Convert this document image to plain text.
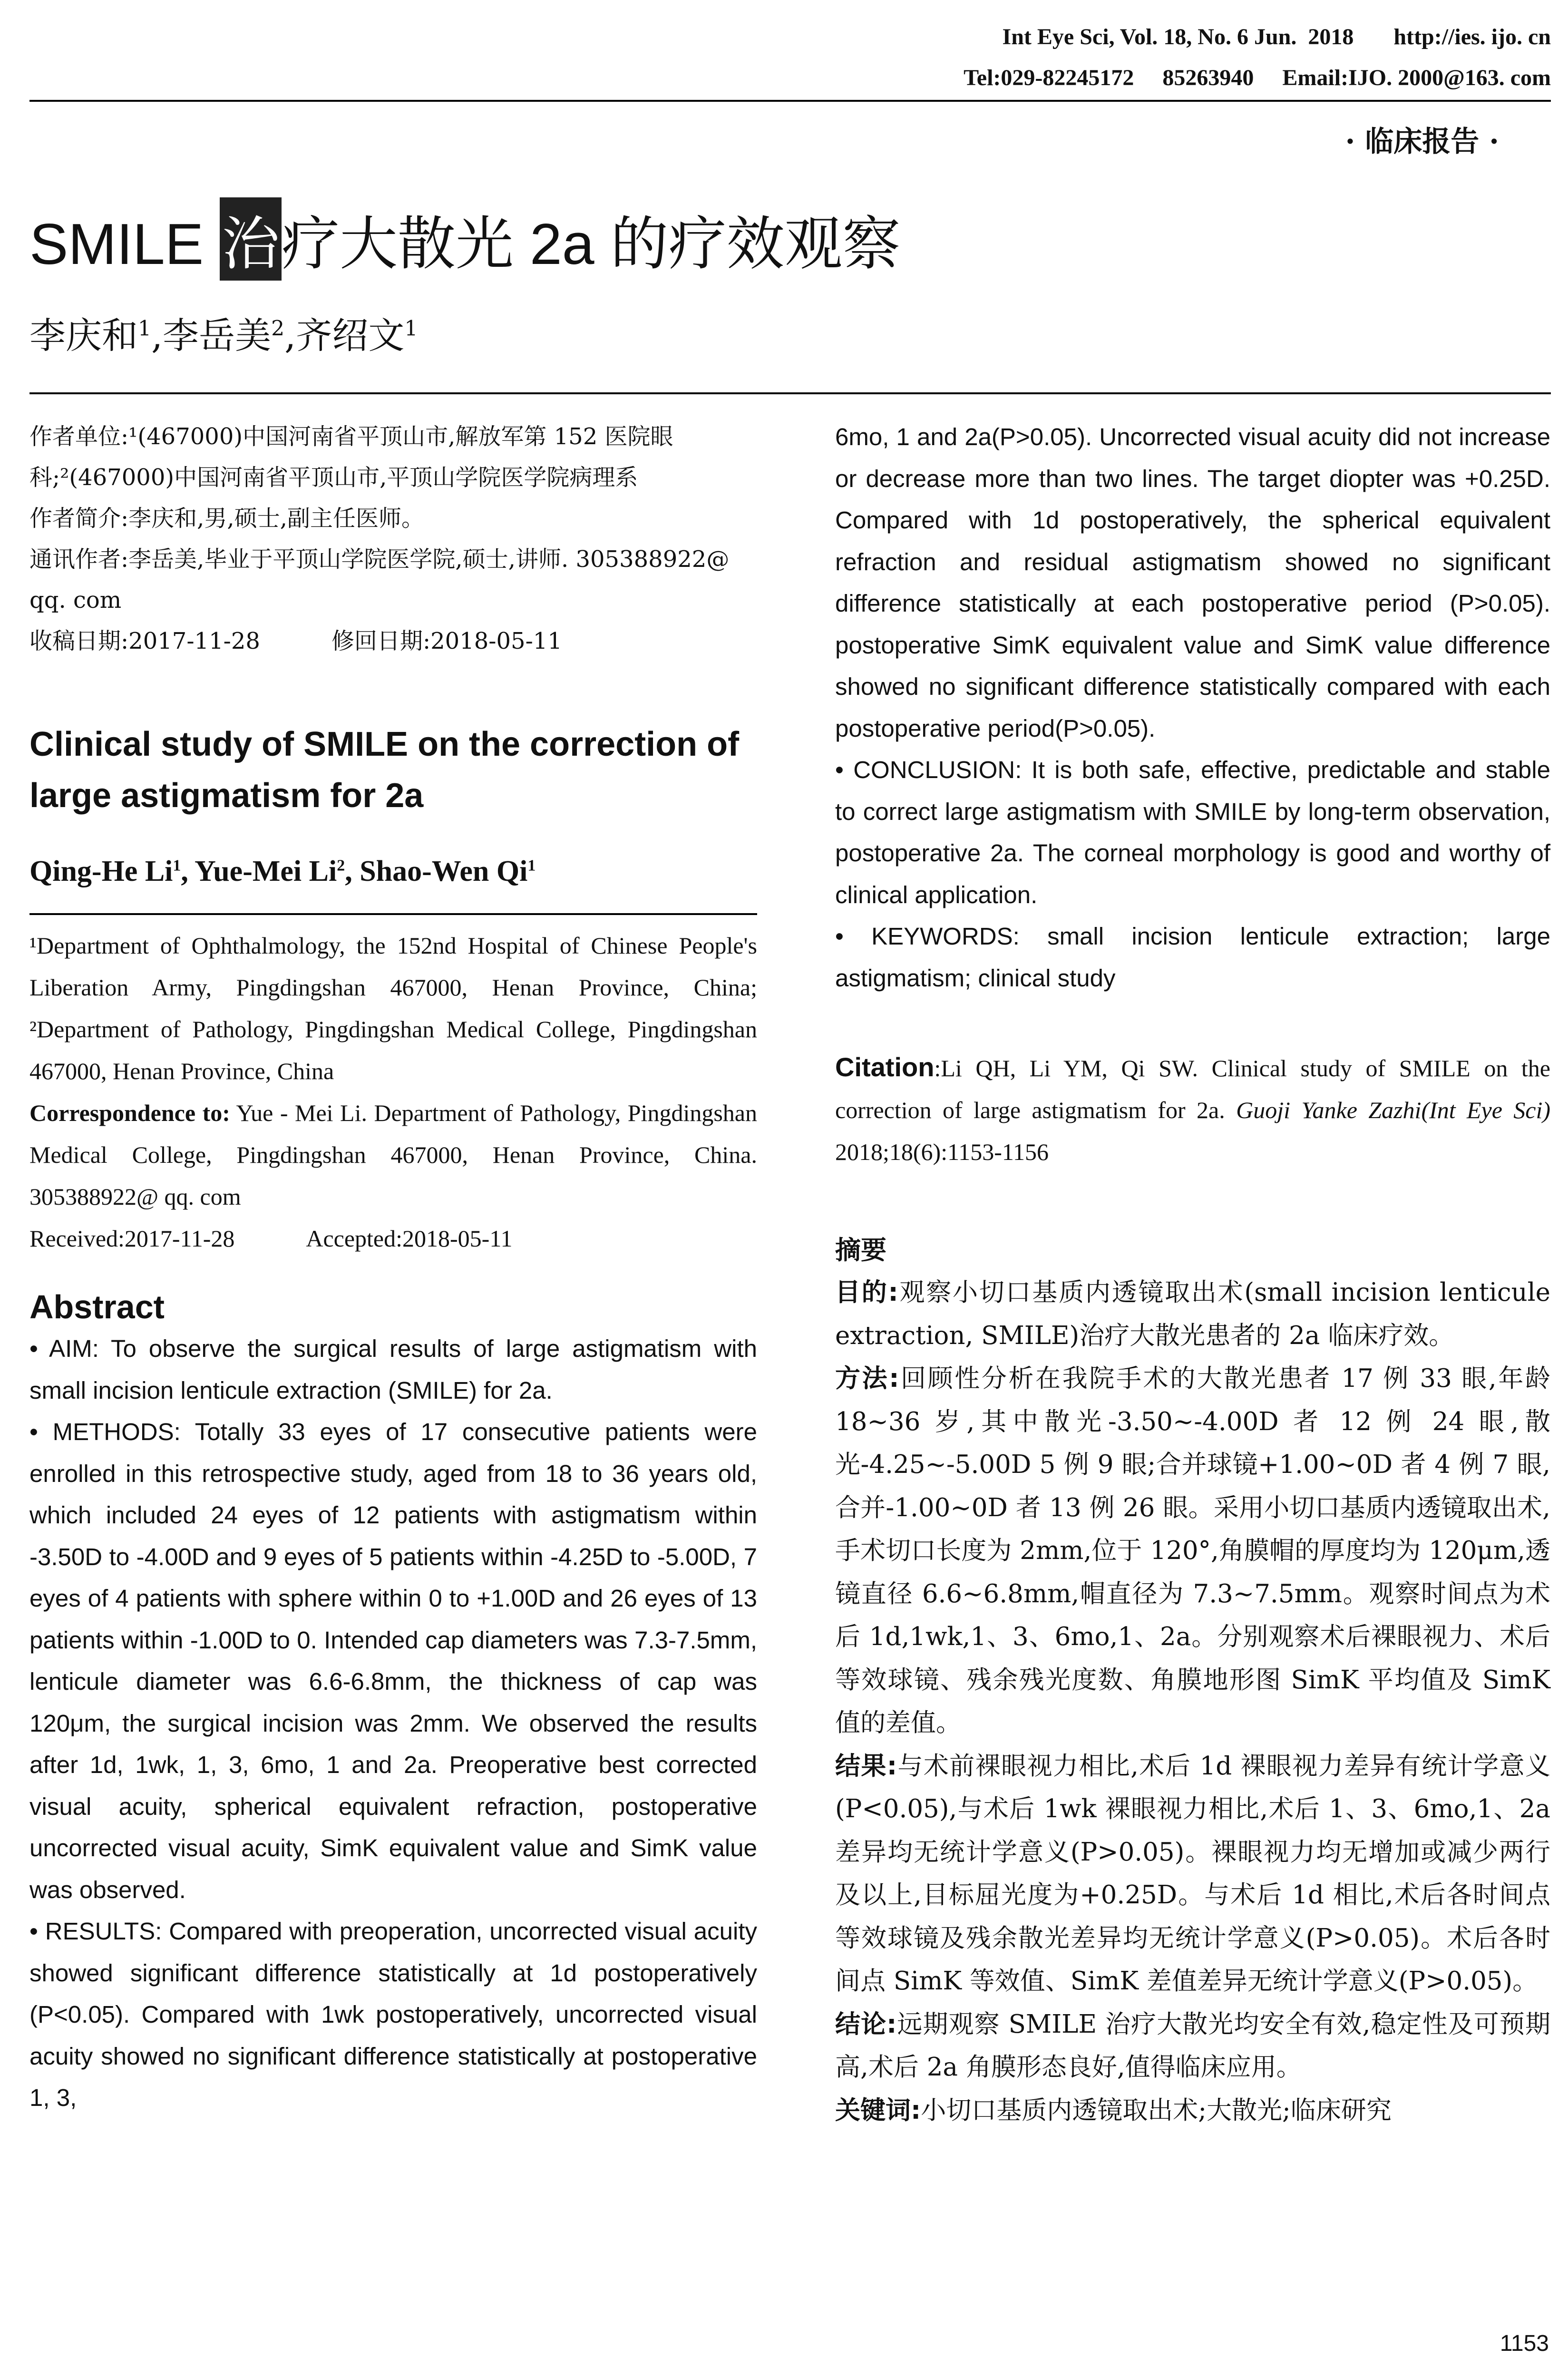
Int Eye Sci, Vol. 18, No. 6 Jun.  2018       http://ies. ijo. cn
Tel:029-82245172     85263940     Email:IJO. 2000@163. com
· 临床报告 ·
SMILE 治疗大散光 2a 的疗效观察
李庆和$^1$,李岳美$^2$,齐绍文$^1$

作者单位:¹(467000)中国河南省平顶山市,解放军第 152 医院眼科;²(467000)中国河南省平顶山市,平顶山学院医学院病理系

作者简介:李庆和,男,硕士,副主任医师。

通讯作者:李岳美,毕业于平顶山学院医学院,硕士,讲师. 305388922@ qq. com

收稿日期:2017-11-28	修回日期:2018-05-11

Clinical study of SMILE on the correction of large astigmatism for 2a
Qing-He Li$^1$, Yue-Mei Li$^2$, Shao-Wen Qi$^1$

¹Department of Ophthalmology, the 152nd Hospital of Chinese People's Liberation Army, Pingdingshan 467000, Henan Province, China; ²Department of Pathology, Pingdingshan Medical College, Pingdingshan 467000, Henan Province, China

Correspondence to: Yue - Mei Li. Department of Pathology, Pingdingshan Medical College, Pingdingshan 467000, Henan Province, China. 305388922@ qq. com

Received:2017-11-28	Accepted:2018-05-11

Abstract

• AIM: To observe the surgical results of large astigmatism with small incision lenticule extraction (SMILE) for 2a.

• METHODS: Totally 33 eyes of 17 consecutive patients were enrolled in this retrospective study, aged from 18 to 36 years old, which included 24 eyes of 12 patients with astigmatism within -3.50D to -4.00D and 9 eyes of 5 patients within -4.25D to -5.00D, 7 eyes of 4 patients with sphere within 0 to +1.00D and 26 eyes of 13 patients within -1.00D to 0. Intended cap diameters was 7.3-7.5mm, lenticule diameter was 6.6-6.8mm, the thickness of cap was 120μm, the surgical incision was 2mm. We observed the results after 1d, 1wk, 1, 3, 6mo, 1 and 2a. Preoperative best corrected visual acuity, spherical equivalent refraction, postoperative uncorrected visual acuity, SimK equivalent value and SimK value was observed.

• RESULTS: Compared with preoperation, uncorrected visual acuity showed significant difference statistically at 1d postoperatively (P<0.05). Compared with 1wk postoperatively, uncorrected visual acuity showed no significant difference statistically at postoperative 1, 3,

6mo, 1 and 2a(P>0.05). Uncorrected visual acuity did not increase or decrease more than two lines. The target diopter was +0.25D. Compared with 1d postoperatively, the spherical equivalent refraction and residual astigmatism showed no significant difference statistically at each postoperative period (P>0.05). postoperative SimK equivalent value and SimK value difference showed no significant difference statistically compared with each postoperative period(P>0.05).

• CONCLUSION: It is both safe, effective, predictable and stable to correct large astigmatism with SMILE by long-term observation, postoperative 2a. The corneal morphology is good and worthy of clinical application.

• KEYWORDS: small incision lenticule extraction; large astigmatism; clinical study

Citation:Li QH, Li YM, Qi SW. Clinical study of SMILE on the correction of large astigmatism for 2a. Guoji Yanke Zazhi(Int Eye Sci) 2018;18(6):1153-1156
摘要

目的:观察小切口基质内透镜取出术(small incision lenticule extraction, SMILE)治疗大散光患者的 2a 临床疗效。

方法:回顾性分析在我院手术的大散光患者 17 例 33 眼,年龄 18~36 岁,其中散光-3.50~-4.00D 者 12 例 24 眼,散光-4.25~-5.00D 5 例 9 眼;合并球镜+1.00~0D 者 4 例 7 眼,合并-1.00~0D 者 13 例 26 眼。采用小切口基质内透镜取出术,手术切口长度为 2mm,位于 120°,角膜帽的厚度均为 120μm,透镜直径 6.6~6.8mm,帽直径为 7.3~7.5mm。观察时间点为术后 1d,1wk,1、3、6mo,1、2a。分别观察术后裸眼视力、术后等效球镜、残余残光度数、角膜地形图 SimK 平均值及 SimK 值的差值。

结果:与术前裸眼视力相比,术后 1d 裸眼视力差异有统计学意义(P<0.05),与术后 1wk 裸眼视力相比,术后 1、3、6mo,1、2a 差异均无统计学意义(P>0.05)。裸眼视力均无增加或减少两行及以上,目标屈光度为+0.25D。与术后 1d 相比,术后各时间点等效球镜及残余散光差异均无统计学意义(P>0.05)。术后各时间点 SimK 等效值、SimK 差值差异无统计学意义(P>0.05)。

结论:远期观察 SMILE 治疗大散光均安全有效,稳定性及可预期高,术后 2a 角膜形态良好,值得临床应用。

关键词:小切口基质内透镜取出术;大散光;临床研究

1153
